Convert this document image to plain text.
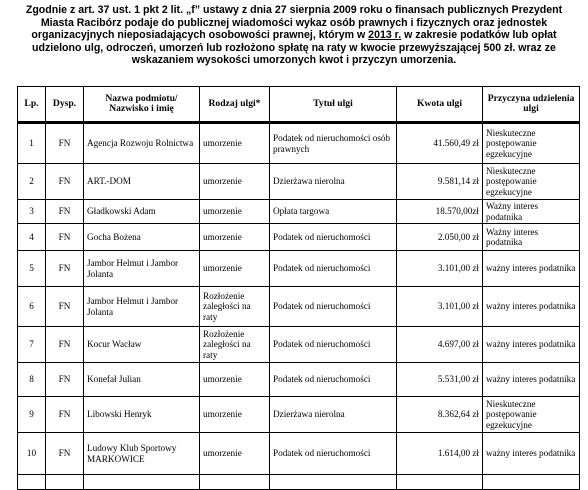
Zgodnie z art. 37 ust. 1 pkt 2 lit. „f” ustawy z dnia 27 sierpnia 2009 roku o finansach publicznych Prezydent Miasta Racibórz podaje do publicznej wiadomości wykaz osób prawnych i fizycznych oraz jednostek organizacyjnych nieposiadających osobowości prawnej, którym w 2013 r. w zakresie podatków lub opłat udzielono ulg, odroczeń, umorzeń lub rozłożono spłatę na raty w kwocie przewyższającej 500 zł. wraz ze wskazaniem wysokości umorzonych kwot i przyczyn umorzenia.
Lp.	Dysp.	Nazwa podmiotu/ Nazwisko i imię	Rodzaj ulgi*	Tytuł ulgi	Kwota ulgi	Przyczyna udzielenia ulgi
1	FN	Agencja Rozwoju Rolnictwa	umorzenie	Podatek od nieruchomości osób prawnych	41.560,49 zł	Nieskuteczne postępowanie egzekucyjne
2	FN	ART.-DOM	umorzenie	Dzierżawa nierolna	9.581,14 zł	Nieskuteczne postępowanie egzekucyjne
3	FN	Gładkowski Adam	umorzenie	Opłata targowa	18.570,00zł	Ważny interes podatnika
4	FN	Gocha Bożena	umorzenie	Podatek od nieruchomości	2.050,00 zł	Ważny interes podatnika
5	FN	Jambor Helmut i Jambor Jolanta	umorzenie	Podatek od nieruchomości	3.101,00 zł	ważny interes podatnika
6	FN	Jambor Helmut i Jambor Jolanta	Rozłożenie zaległości na raty	Podatek od nieruchomości	3.101,00 zł	ważny interes podatnika
7	FN	Kocur Wacław	Rozłożenie zaległości na raty	Podatek od nieruchomości	4.697,00 zł	ważny interes podatnika
8	FN	Konefał Julian	umorzenie	Podatek od nieruchomości	5.531,00 zł	ważny interes podatnika
9	FN	Libowski Henryk	umorzenie	Dzierżawa nierolna	8.362,64 zł	Nieskuteczne postępowanie egzekucyjne
10	FN	Ludowy Klub Sportowy MARKOWICE	umorzenie	Podatek od nieruchomości	1.614,00 zł	ważny interes podatnika
